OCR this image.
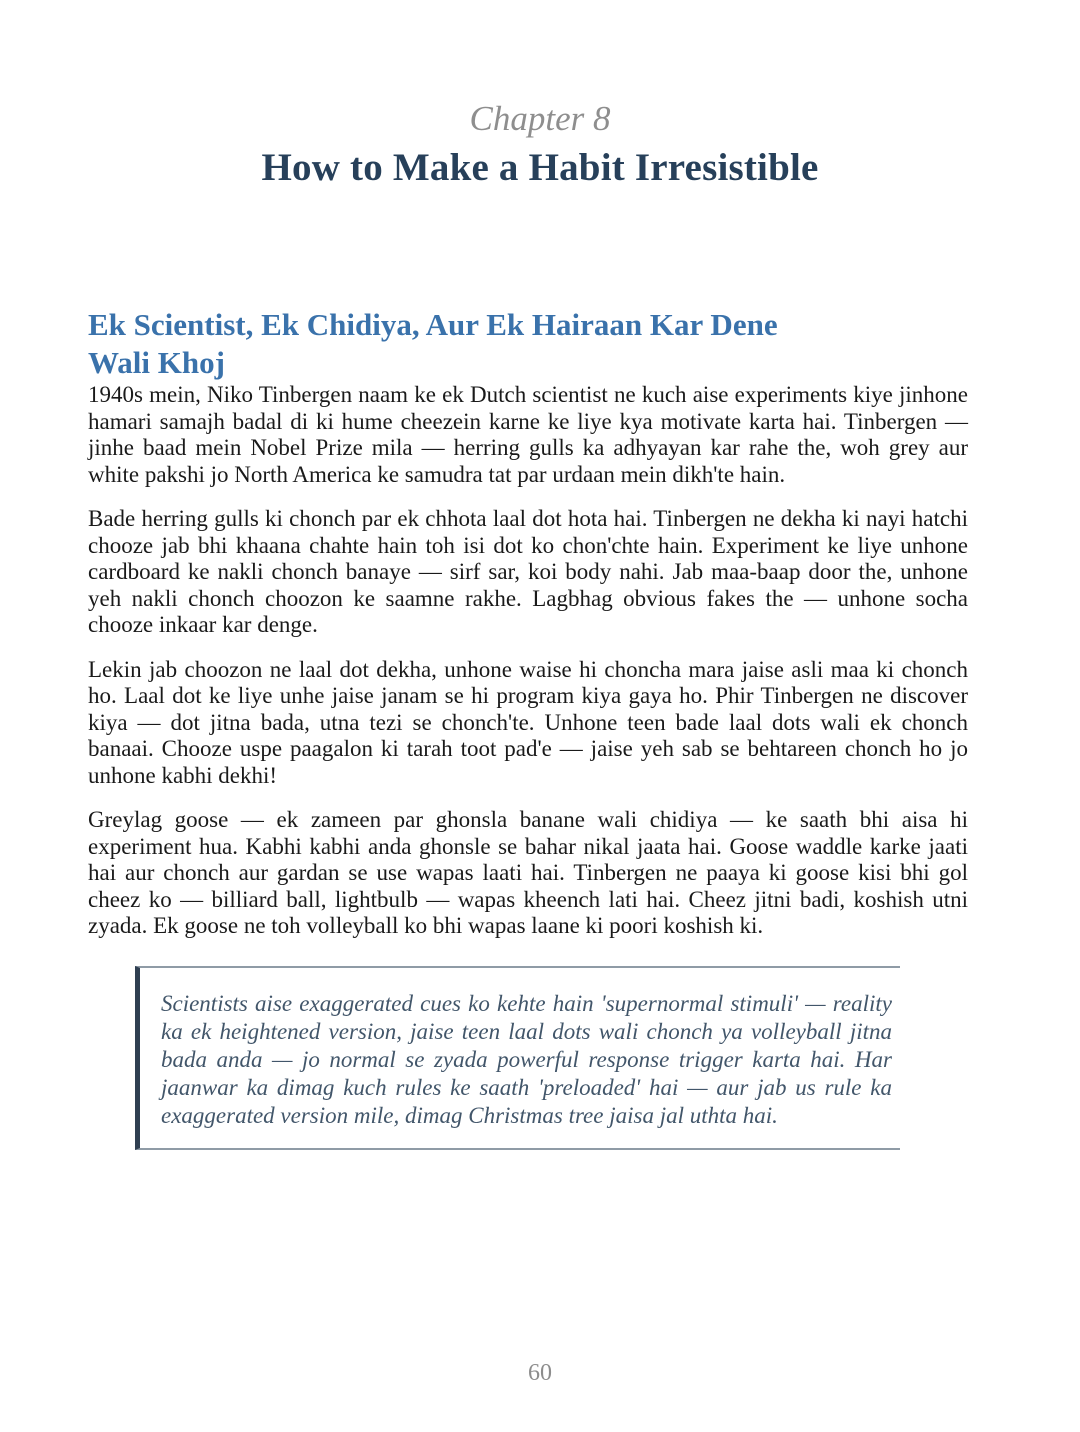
Chapter 8
How to Make a Habit Irresistible
Ek Scientist, Ek Chidiya, Aur Ek Hairaan Kar Dene
Wali Khoj

1940s mein, Niko Tinbergen naam ke ek Dutch scientist ne kuch aise experiments kiye jinhone hamari samajh badal di ki hume cheezein karne ke liye kya motivate karta hai. Tinbergen — jinhe baad mein Nobel Prize mila — herring gulls ka adhyayan kar rahe the, woh grey aur white pakshi jo North America ke samudra tat par urdaan mein dikh'te hain.

Bade herring gulls ki chonch par ek chhota laal dot hota hai. Tinbergen ne dekha ki nayi hatchi chooze jab bhi khaana chahte hain toh isi dot ko chon'chte hain. Experiment ke liye unhone cardboard ke nakli chonch banaye — sirf sar, koi body nahi. Jab maa-baap door the, unhone yeh nakli chonch choozon ke saamne rakhe. Lagbhag obvious fakes the — unhone socha chooze inkaar kar denge.

Lekin jab choozon ne laal dot dekha, unhone waise hi choncha mara jaise asli maa ki chonch ho. Laal dot ke liye unhe jaise janam se hi program kiya gaya ho. Phir Tinbergen ne discover kiya — dot jitna bada, utna tezi se chonch'te. Unhone teen bade laal dots wali ek chonch banaai. Chooze uspe paagalon ki tarah toot pad'e — jaise yeh sab se behtareen chonch ho jo unhone kabhi dekhi!

Greylag goose — ek zameen par ghonsla banane wali chidiya — ke saath bhi aisa hi experiment hua. Kabhi kabhi anda ghonsle se bahar nikal jaata hai. Goose waddle karke jaati hai aur chonch aur gardan se use wapas laati hai. Tinbergen ne paaya ki goose kisi bhi gol cheez ko — billiard ball, lightbulb — wapas kheench lati hai. Cheez jitni badi, koshish utni zyada. Ek goose ne toh volleyball ko bhi wapas laane ki poori koshish ki.

Scientists aise exaggerated cues ko kehte hain 'supernormal stimuli' — reality ka ek heightened version, jaise teen laal dots wali chonch ya volleyball jitna bada anda — jo normal se zyada powerful response trigger karta hai. Har jaanwar ka dimag kuch rules ke saath 'preloaded' hai — aur jab us rule ka exaggerated version mile, dimag Christmas tree jaisa jal uthta hai.

60
